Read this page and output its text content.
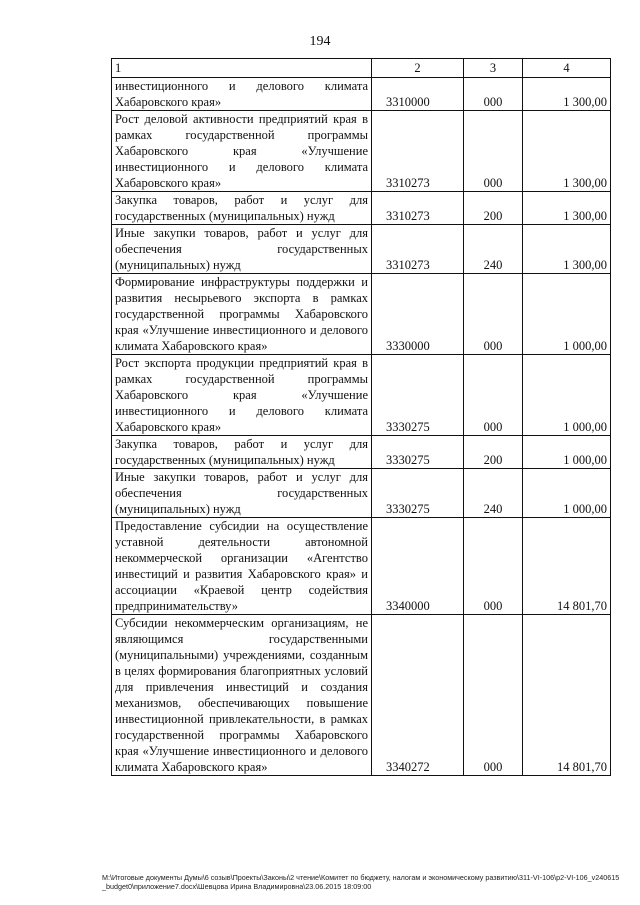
194
1	2	3	4
инвестиционного и делового климата Хабаровского края»	3310000	000	1 300,00
Рост деловой активности предприятий края в рамках государственной программы Хабаровского края «Улучшение инвестиционного и делового климата Хабаровского края»	3310273	000	1 300,00
Закупка товаров, работ и услуг для государственных (муниципальных) нужд	3310273	200	1 300,00
Иные закупки товаров, работ и услуг для обеспечения государственных (муниципальных) нужд	3310273	240	1 300,00
Формирование инфраструктуры поддержки и развития несырьевого экспорта в рамках государственной программы Хабаровского края «Улучшение инвестиционного и делового климата Хабаровского края»	3330000	000	1 000,00
Рост экспорта продукции предприятий края в рамках государственной программы Хабаровского края «Улучшение инвестиционного и делового климата Хабаровского края»	3330275	000	1 000,00
Закупка товаров, работ и услуг для государственных (муниципальных) нужд	3330275	200	1 000,00
Иные закупки товаров, работ и услуг для обеспечения государственных (муниципальных) нужд	3330275	240	1 000,00
Предоставление субсидии на осуществление уставной деятельности автономной некоммерческой организации «Агентство инвестиций и развития Хабаровского края» и ассоциации «Краевой центр содействия предпринимательству»	3340000	000	14 801,70
Субсидии некоммерческим организациям, не являющимся государственными (муниципальными) учреждениями, созданным в целях формирования благоприятных условий для привлечения инвестиций и создания механизмов, обеспечивающих повышение инвестиционной привлекательности, в рамках государственной программы Хабаровского края «Улучшение инвестиционного и делового климата Хабаровского края»	3340272	000	14 801,70
М:\Итоговые документы Думы\6 созыв\Проекты\Законы\2 чтение\Комитет по бюджету, налогам и экономическому развитию\311-VI-106\р2-VI-106_v240615_budget0\приложение7.docx\Шевцова Ирина Владимировна\23.06.2015 18:09:00
